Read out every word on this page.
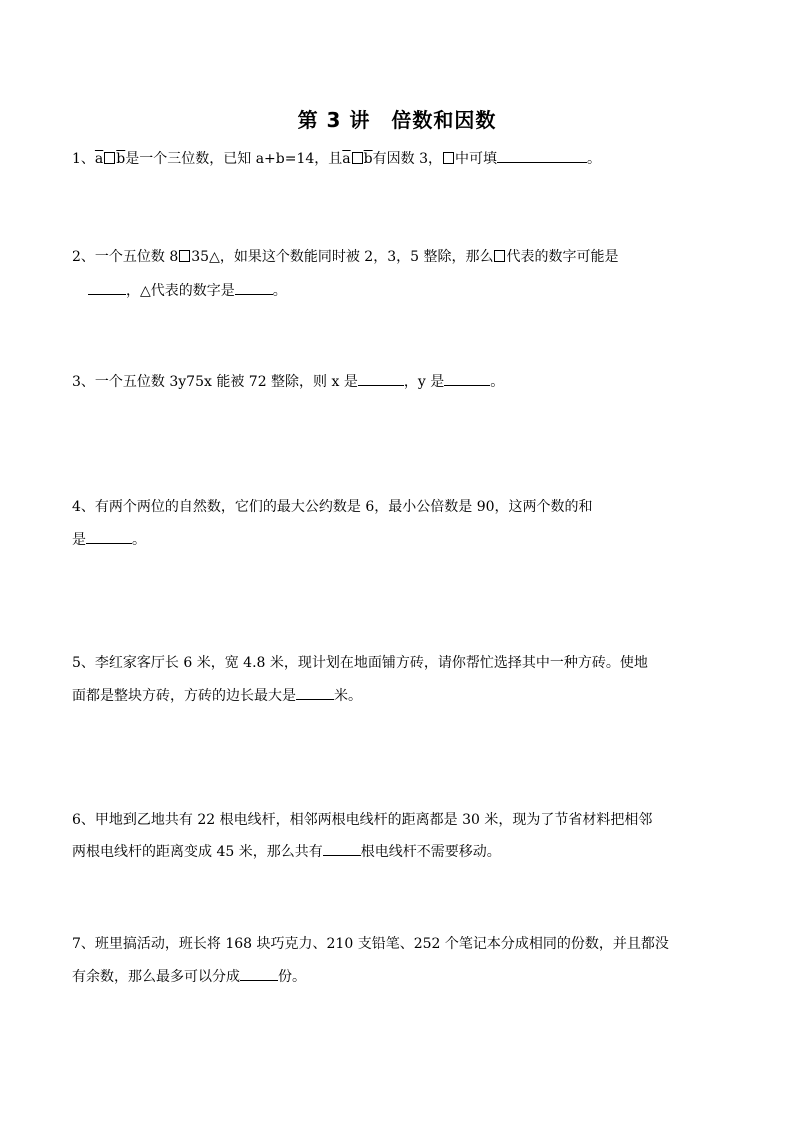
第 3 讲　倍数和因数
1、a b是一个三位数，已知 a+b=14，且a b有因数 3， 中可填	。
2、一个五位数 8 35△，如果这个数能同时被 2，3，5 整除，那么 代表的数字可能是
，△代表的数字是	。
3、一个五位数 3y75x 能被 72 整除，则 x 是	，y 是	。
4、有两个两位的自然数，它们的最大公约数是 6，最小公倍数是 90，这两个数的和
是	。
5、李红家客厅长 6 米，宽 4.8 米，现计划在地面铺方砖，请你帮忙选择其中一种方砖。使地
面都是整块方砖，方砖的边长最大是	米。
6、甲地到乙地共有 22 根电线杆，相邻两根电线杆的距离都是 30 米，现为了节省材料把相邻
两根电线杆的距离变成 45 米，那么共有	根电线杆不需要移动。
7、班里搞活动，班长将 168 块巧克力、210 支铅笔、252 个笔记本分成相同的份数，并且都没
有余数，那么最多可以分成	份。
